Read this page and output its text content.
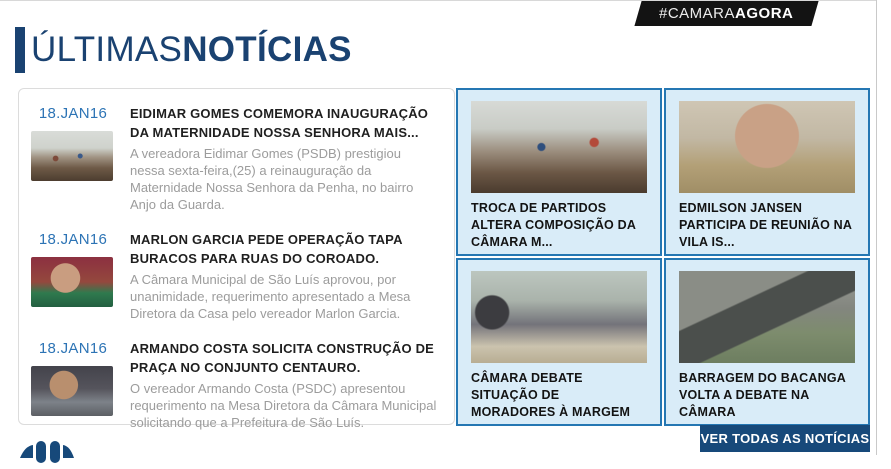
#CAMARAAGORA
ÚLTIMAS NOTÍCIAS
18.JAN16	EIDIMAR GOMES COMEMORA INAUGURAÇÃO DA MATERNIDADE NOSSA SENHORA MAIS...
A vereadora Eidimar Gomes (PSDB) prestigiou nessa sexta-feira,(25) a reinauguração da Maternidade Nossa Senhora da Penha, no bairro Anjo da Guarda.
18.JAN16	MARLON GARCIA PEDE OPERAÇÃO TAPA BURACOS PARA RUAS DO COROADO.
A Câmara Municipal de São Luís aprovou, por unanimidade, requerimento apresentado a Mesa Diretora da Casa pelo vereador Marlon Garcia.
18.JAN16	ARMANDO COSTA SOLICITA CONSTRUÇÃO DE PRAÇA NO CONJUNTO CENTAURO.
O vereador Armando Costa (PSDC) apresentou requerimento na Mesa Diretora da Câmara Municipal solicitando que a Prefeitura de São Luís.
TROCA DE PARTIDOS ALTERA COMPOSIÇÃO DA CÂMARA M...
EDMILSON JANSEN PARTICIPA DE REUNIÃO NA VILA IS...
CÂMARA DEBATE SITUAÇÃO DE MORADORES À MARGEM
BARRAGEM DO BACANGA VOLTA A DEBATE NA CÂMARA
VER TODAS AS NOTÍCIAS
